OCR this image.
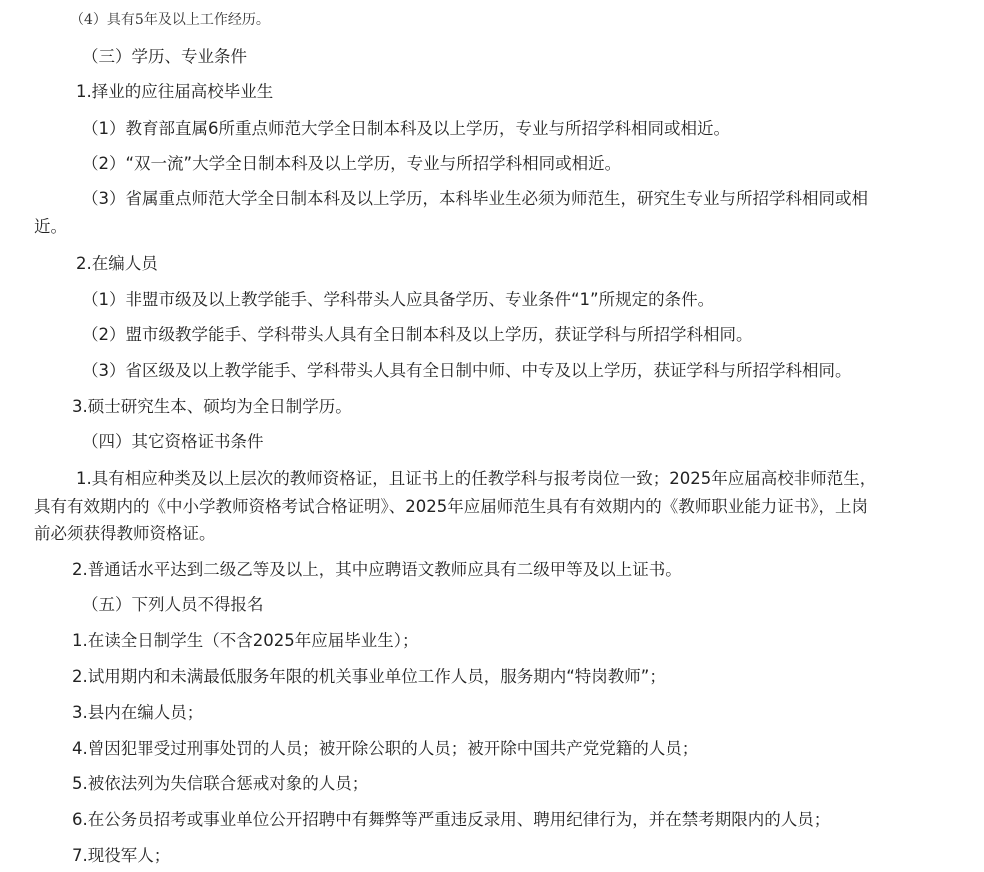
（4）具有5年及以上工作经历。

（三）学历、专业条件

1.择业的应往届高校毕业生

（1）教育部直属6所重点师范大学全日制本科及以上学历，专业与所招学科相同或相近。

（2）“双一流”大学全日制本科及以上学历，专业与所招学科相同或相近。

（3）省属重点师范大学全日制本科及以上学历，本科毕业生必须为师范生，研究生专业与所招学科相同或相

近。

2.在编人员

（1）非盟市级及以上教学能手、学科带头人应具备学历、专业条件“1”所规定的条件。

（2）盟市级教学能手、学科带头人具有全日制本科及以上学历，获证学科与所招学科相同。

（3）省区级及以上教学能手、学科带头人具有全日制中师、中专及以上学历，获证学科与所招学科相同。

3.硕士研究生本、硕均为全日制学历。

（四）其它资格证书条件

1.具有相应种类及以上层次的教师资格证，且证书上的任教学科与报考岗位一致；2025年应届高校非师范生，

具有有效期内的《中小学教师资格考试合格证明》、2025年应届师范生具有有效期内的《教师职业能力证书》，上岗

前必须获得教师资格证。

2.普通话水平达到二级乙等及以上，其中应聘语文教师应具有二级甲等及以上证书。

（五）下列人员不得报名

1.在读全日制学生（不含2025年应届毕业生）；

2.试用期内和未满最低服务年限的机关事业单位工作人员，服务期内“特岗教师”；

3.县内在编人员；

4.曾因犯罪受过刑事处罚的人员；被开除公职的人员；被开除中国共产党党籍的人员；

5.被依法列为失信联合惩戒对象的人员；

6.在公务员招考或事业单位公开招聘中有舞弊等严重违反录用、聘用纪律行为，并在禁考期限内的人员；

7.现役军人；
